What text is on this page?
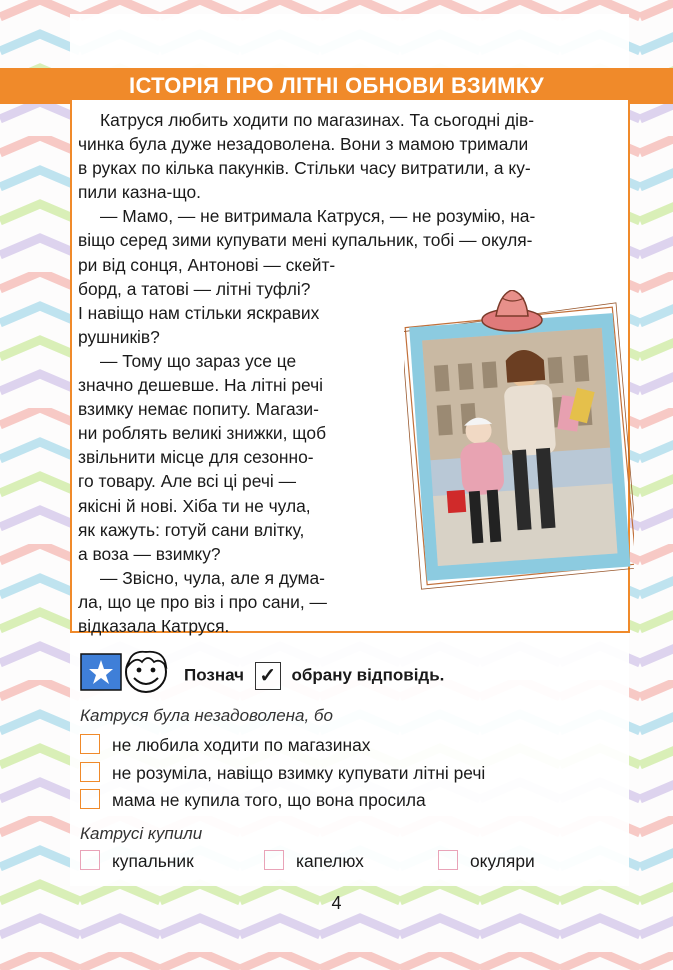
ІСТОРІЯ ПРО ЛІТНІ ОБНОВИ ВЗИМКУ

Катруся любить ходити по магазинах. Та сьогодні дів-
чинка була дуже незадоволена. Вони з мамою тримали
в руках по кілька пакунків. Стільки часу витратили, а ку-
пили казна-що.

— Мамо, — не витримала Катруся, — не розумію, на-
віщо серед зими купувати мені купальник, тобі — окуля-

ри від сонця, Антонові — скейт-
борд, а татові — літні туфлі?
І навіщо нам стільки яскравих
рушників?

— Тому що зараз усе це
значно дешевше. На літні речі
взимку немає попиту. Магази-
ни роблять великі знижки, щоб
звільнити місце для сезонно-
го товару. Але всі ці речі —
якісні й нові. Хіба ти не чула,
як кажуть: готуй сани влітку,
а воза — взимку?

— Звісно, чула, але я дума-
ла, що це про віз і про сани, —
відказала Катруся.

Познач ✓ обрану відповідь.
Катруся була незадоволена, бо
не любила ходити по магазинах
не розуміла, навіщо взимку купувати літні речі
мама не купила того, що вона просила
Катрусі купили
купальник	капелюх	окуляри
4
